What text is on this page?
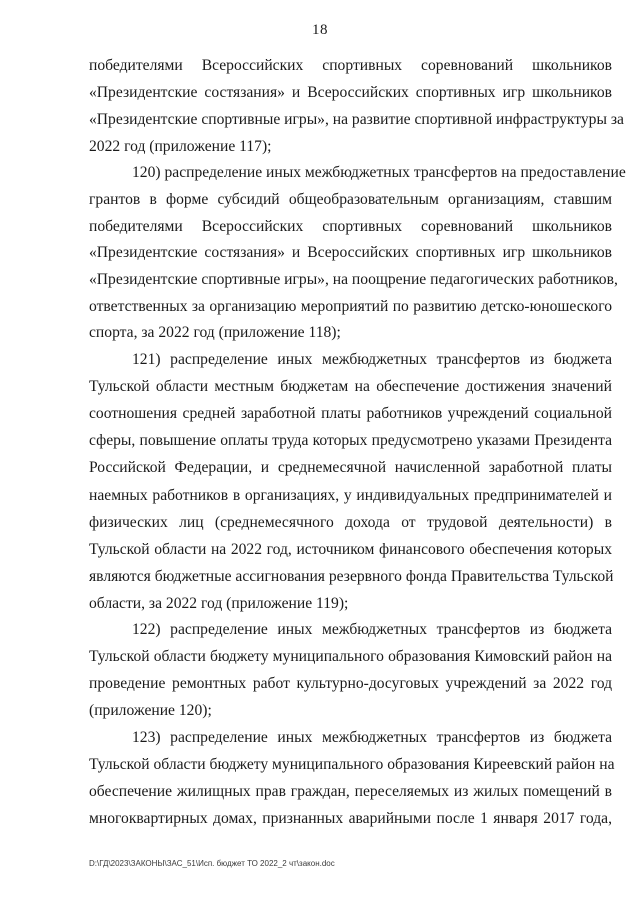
18
победителями Всероссийских спортивных соревнований школьников
«Президентские состязания» и Всероссийских спортивных игр школьников
«Президентские спортивные игры», на развитие спортивной инфраструктуры за
2022 год (приложение 117);
120) распределение иных межбюджетных трансфертов на предоставление
грантов в форме субсидий общеобразовательным организациям, ставшим
победителями Всероссийских спортивных соревнований школьников
«Президентские состязания» и Всероссийских спортивных игр школьников
«Президентские спортивные игры», на поощрение педагогических работников,
ответственных за организацию мероприятий по развитию детско-юношеского
спорта, за 2022 год (приложение 118);
121) распределение иных межбюджетных трансфертов из бюджета
Тульской области местным бюджетам на обеспечение достижения значений
соотношения средней заработной платы работников учреждений социальной
сферы, повышение оплаты труда которых предусмотрено указами Президента
Российской Федерации, и среднемесячной начисленной заработной платы
наемных работников в организациях, у индивидуальных предпринимателей и
физических лиц (среднемесячного дохода от трудовой деятельности) в
Тульской области на 2022 год, источником финансового обеспечения которых
являются бюджетные ассигнования резервного фонда Правительства Тульской
области, за 2022 год (приложение 119);
122) распределение иных межбюджетных трансфертов из бюджета
Тульской области бюджету муниципального образования Кимовский район на
проведение ремонтных работ культурно-досуговых учреждений за 2022 год
(приложение 120);
123) распределение иных межбюджетных трансфертов из бюджета
Тульской области бюджету муниципального образования Киреевский район на
обеспечение жилищных прав граждан, переселяемых из жилых помещений в
многоквартирных домах, признанных аварийными после 1 января 2017 года,
D:\ГД\2023\ЗАКОНЫ\ЗАС_51\Исп. бюджет ТО 2022_2 чт\закон.doc
